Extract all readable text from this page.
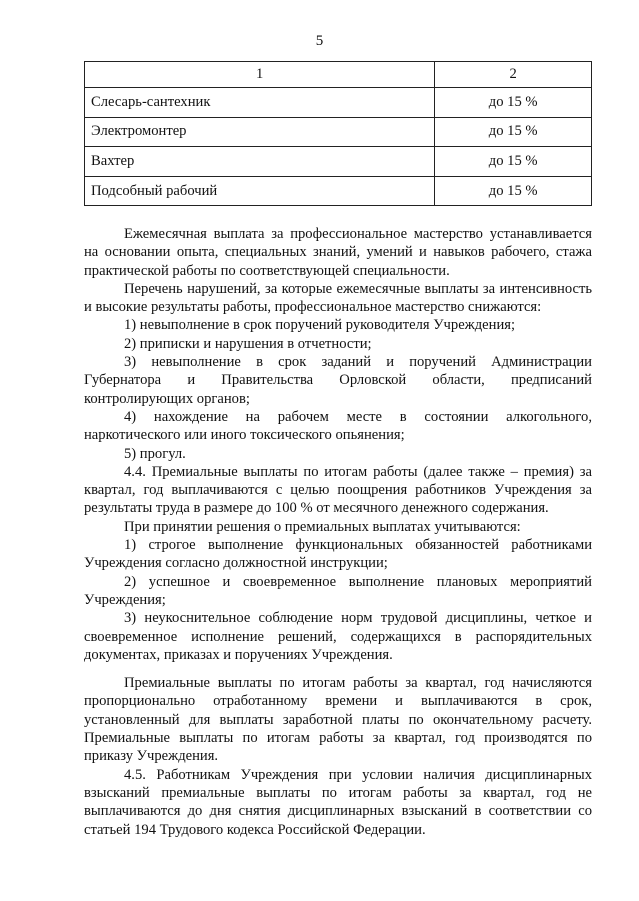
5
1	2
Слесарь-сантехник	до 15 %
Электромонтер	до 15 %
Вахтер	до 15 %
Подсобный рабочий	до 15 %

Ежемесячная выплата за профессиональное мастерство устанавливается на основании опыта, специальных знаний, умений и навыков рабочего, стажа практической работы по соответствующей специальности.

Перечень нарушений, за которые ежемесячные выплаты за интенсивность и высокие результаты работы, профессиональное мастерство снижаются:

1) невыполнение в срок поручений руководителя Учреждения;

2) приписки и нарушения в отчетности;

3) невыполнение в срок заданий и поручений Администрации Губернатора и Правительства Орловской области, предписаний контролирующих органов;

4) нахождение на рабочем месте в состоянии алкогольного, наркотического или иного токсического опьянения;

5) прогул.

4.4. Премиальные выплаты по итогам работы (далее также – премия) за квартал, год выплачиваются с целью поощрения работников Учреждения за результаты труда в размере до 100 % от месячного денежного содержания.

При принятии решения о премиальных выплатах учитываются:

1) строгое выполнение функциональных обязанностей работниками Учреждения согласно должностной инструкции;

2) успешное и своевременное выполнение плановых мероприятий Учреждения;

3) неукоснительное соблюдение норм трудовой дисциплины, четкое и своевременное исполнение решений, содержащихся в распорядительных документах, приказах и поручениях Учреждения.

Премиальные выплаты по итогам работы за квартал, год начисляются пропорционально отработанному времени и выплачиваются в срок, установленный для выплаты заработной платы по окончательному расчету. Премиальные выплаты по итогам работы за квартал, год производятся по приказу Учреждения.

4.5. Работникам Учреждения при условии наличия дисциплинарных взысканий премиальные выплаты по итогам работы за квартал, год не выплачиваются до дня снятия дисциплинарных взысканий в соответствии со статьей 194 Трудового кодекса Российской Федерации.
